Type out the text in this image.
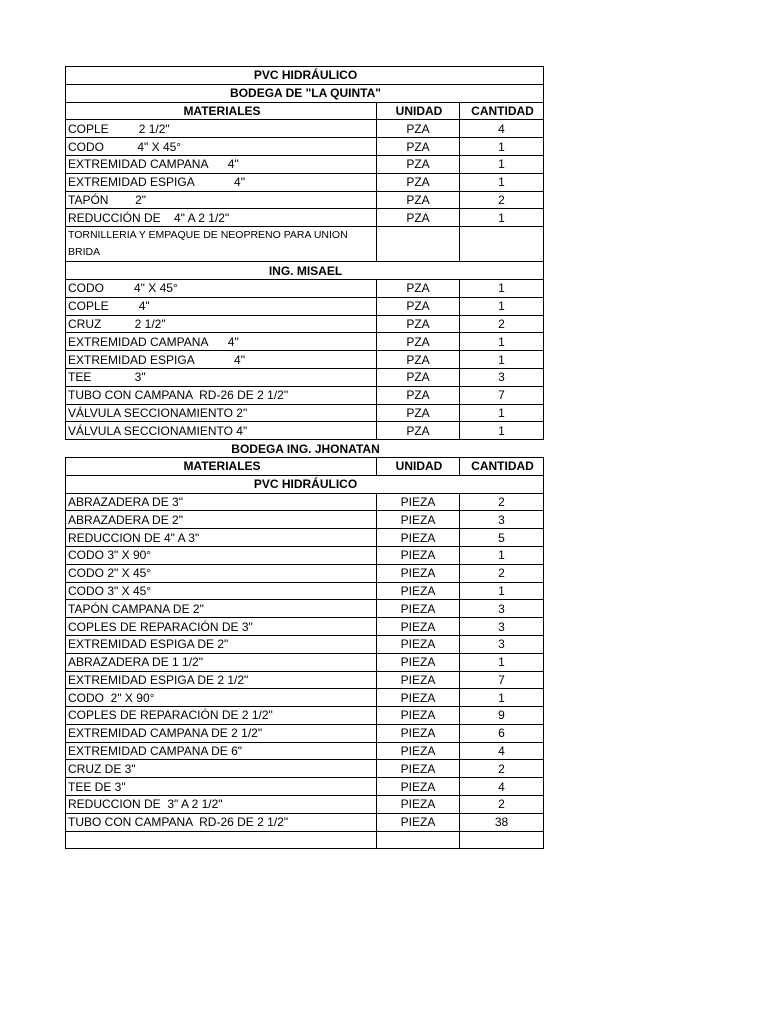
PVC HIDRÁULICO		
BODEGA DE "LA QUINTA"		
MATERIALES	UNIDAD	CANTIDAD
COPLE         2 1/2"	PZA	4
CODO          4" X 45°	PZA	1
EXTREMIDAD CAMPANA      4"	PZA	1
EXTREMIDAD ESPIGA            4"	PZA	1
TAPÓN        2"	PZA	2
REDUCCIÓN DE    4" A 2 1/2"	PZA	1
TORNILLERIA Y EMPAQUE DE NEOPRENO PARA UNION BRIDA		
ING. MISAEL		
CODO         4" X 45°	PZA	1
COPLE         4"	PZA	1
CRUZ          2 1/2"	PZA	2
EXTREMIDAD CAMPANA      4"	PZA	1
EXTREMIDAD ESPIGA            4"	PZA	1
TEE             3"	PZA	3
TUBO CON CAMPANA  RD-26 DE 2 1/2"	PZA	7
VÁLVULA SECCIONAMIENTO 2"	PZA	1
VÁLVULA SECCIONAMIENTO 4"	PZA	1
BODEGA ING. JHONATAN		
MATERIALES	UNIDAD	CANTIDAD
PVC HIDRÁULICO		
ABRAZADERA DE 3"	PIEZA	2
ABRAZADERA DE 2"	PIEZA	3
REDUCCION DE 4" A 3"	PIEZA	5
CODO 3" X 90°	PIEZA	1
CODO 2" X 45°	PIEZA	2
CODO 3" X 45°	PIEZA	1
TAPÓN CAMPANA DE 2"	PIEZA	3
COPLES DE REPARACIÓN DE 3"	PIEZA	3
EXTREMIDAD ESPIGA DE 2"	PIEZA	3
ABRAZADERA DE 1 1/2"	PIEZA	1
EXTREMIDAD ESPIGA DE 2 1/2"	PIEZA	7
CODO  2" X 90°	PIEZA	1
COPLES DE REPARACIÓN DE 2 1/2"	PIEZA	9
EXTREMIDAD CAMPANA DE 2 1/2"	PIEZA	6
EXTREMIDAD CAMPANA DE 6"	PIEZA	4
CRUZ DE 3"	PIEZA	2
TEE DE 3"	PIEZA	4
REDUCCION DE  3" A 2 1/2"	PIEZA	2
TUBO CON CAMPANA  RD-26 DE 2 1/2"	PIEZA	38
